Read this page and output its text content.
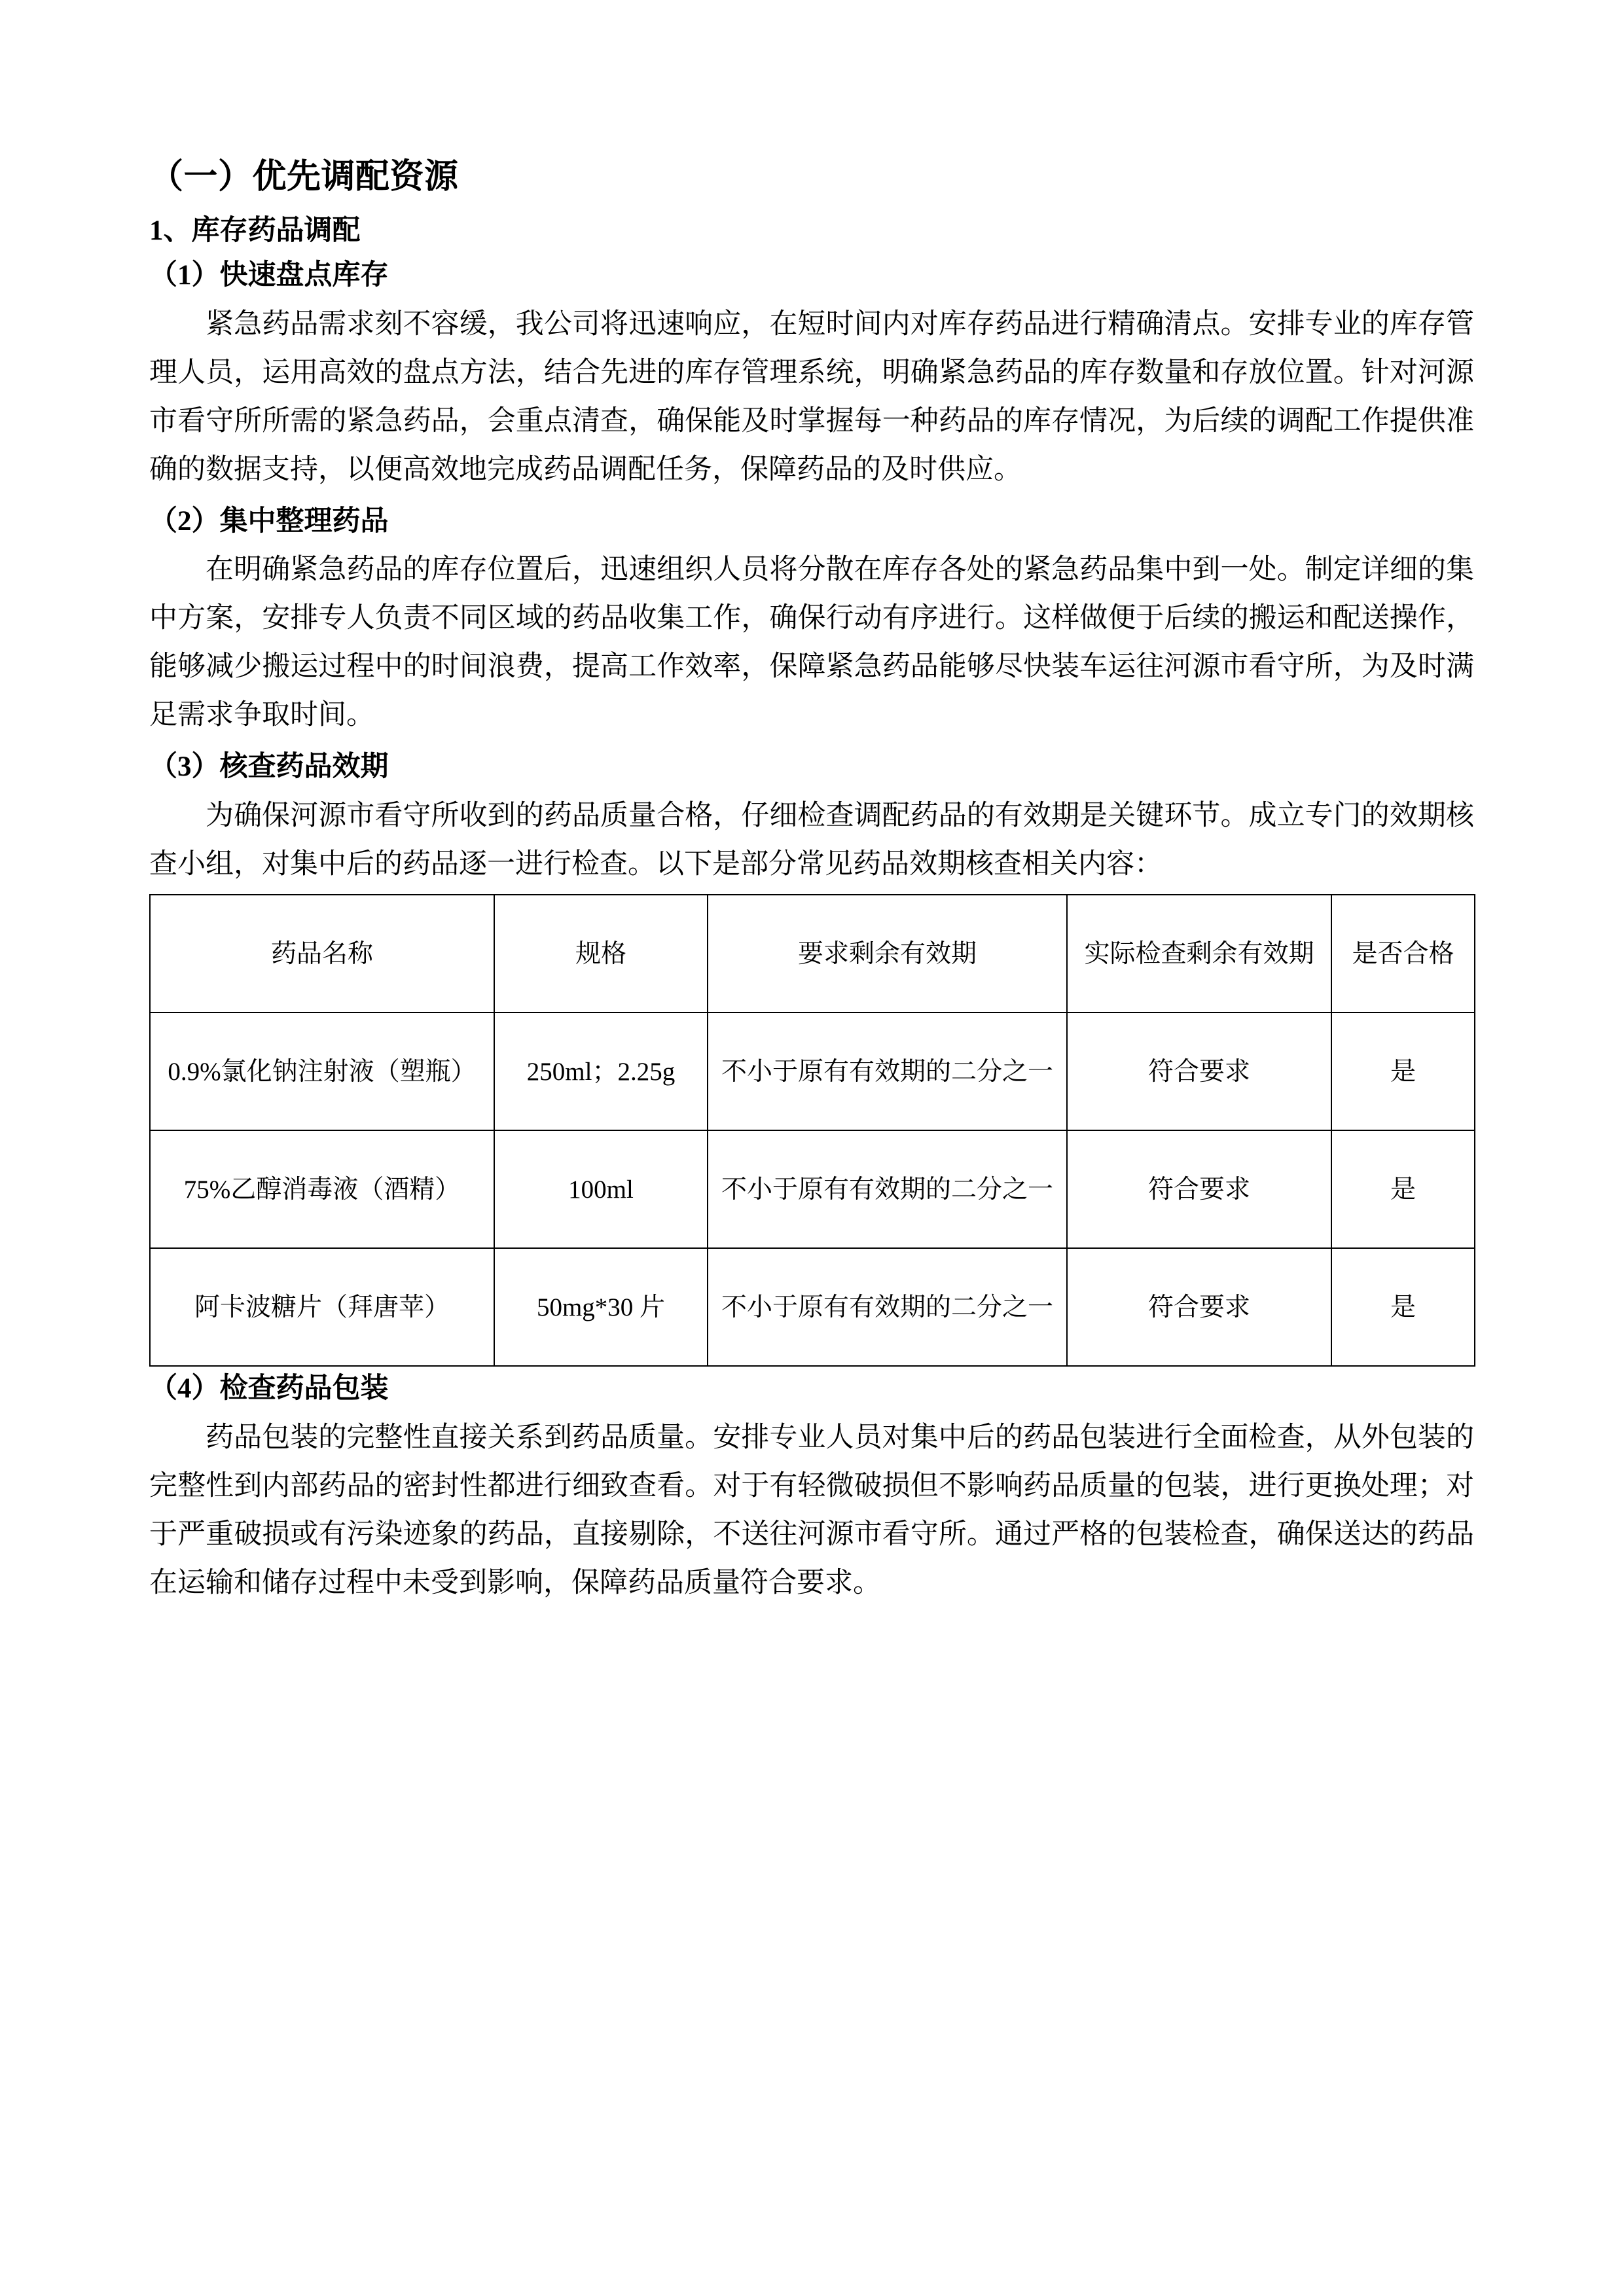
（一）优先调配资源
1、库存药品调配
（1）快速盘点库存

紧急药品需求刻不容缓，我公司将迅速响应，在短时间内对库存药品进行精确清点。安排专业的库存管理人员，运用高效的盘点方法，结合先进的库存管理系统，明确紧急药品的库存数量和存放位置。针对河源市看守所所需的紧急药品，会重点清查，确保能及时掌握每一种药品的库存情况，为后续的调配工作提供准确的数据支持，以便高效地完成药品调配任务，保障药品的及时供应。

（2）集中整理药品

在明确紧急药品的库存位置后，迅速组织人员将分散在库存各处的紧急药品集中到一处。制定详细的集中方案，安排专人负责不同区域的药品收集工作，确保行动有序进行。这样做便于后续的搬运和配送操作，能够减少搬运过程中的时间浪费，提高工作效率，保障紧急药品能够尽快装车运往河源市看守所，为及时满足需求争取时间。

（3）核查药品效期

为确保河源市看守所收到的药品质量合格，仔细检查调配药品的有效期是关键环节。成立专门的效期核查小组，对集中后的药品逐一进行检查。以下是部分常见药品效期核查相关内容：

药品名称	规格	要求剩余有效期	实际检查剩余有效期	是否合格
0.9%氯化钠注射液（塑瓶）	250ml；2.25g	不小于原有有效期的二分之一	符合要求	是
75%乙醇消毒液（酒精）	100ml	不小于原有有效期的二分之一	符合要求	是
阿卡波糖片（拜唐苹）	50mg*30 片	不小于原有有效期的二分之一	符合要求	是
（4）检查药品包装

药品包装的完整性直接关系到药品质量。安排专业人员对集中后的药品包装进行全面检查，从外包装的完整性到内部药品的密封性都进行细致查看。对于有轻微破损但不影响药品质量的包装，进行更换处理；对于严重破损或有污染迹象的药品，直接剔除，不送往河源市看守所。通过严格的包装检查，确保送达的药品在运输和储存过程中未受到影响，保障药品质量符合要求。
